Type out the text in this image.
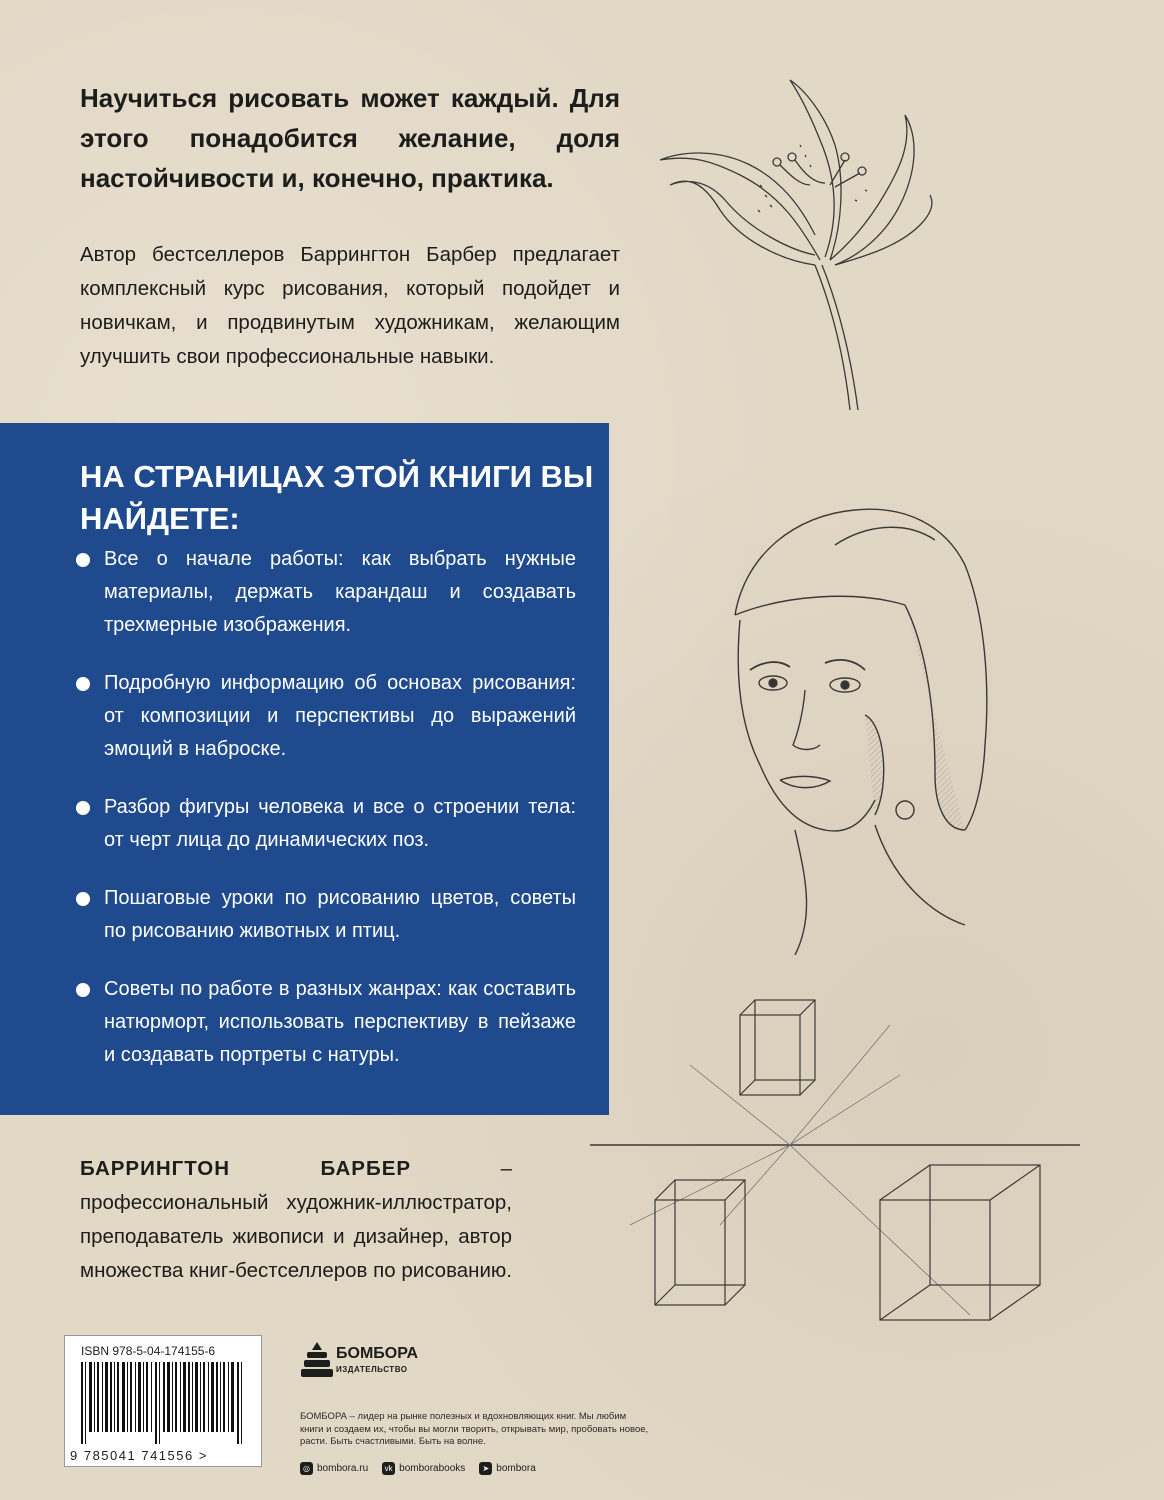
Научиться рисовать может каждый. Для этого понадобится желание, доля настойчивости и, конечно, практика.
Автор бестселлеров Баррингтон Барбер предлагает комплексный курс рисования, который подойдет и новичкам, и продвинутым художникам, желающим улучшить свои профессиональные навыки.
НА СТРАНИЦАХ ЭТОЙ КНИГИ ВЫ НАЙДЕТЕ:
Все о начале работы: как выбрать нужные материалы, держать карандаш и создавать трехмерные изображения.
Подробную информацию об основах рисования: от композиции и перспективы до выражений эмоций в наброске.
Разбор фигуры человека и все о строении тела: от черт лица до динамических поз.
Пошаговые уроки по рисованию цветов, советы по рисованию животных и птиц.
Советы по работе в разных жанрах: как составить натюрморт, использовать перспективу в пейзаже и создавать портреты с натуры.
БАРРИНГТОН БАРБЕР – профессиональный художник-иллюстратор, преподаватель живописи и дизайнер, автор множества книг-бестселлеров по рисованию.
ISBN 978-5-04-174155-6
9 785041 741556 >
БОМБОРА
ИЗДАТЕЛЬСТВО
БОМБОРА – лидер на рынке полезных и вдохновляющих книг. Мы любим книги и создаем их, чтобы вы могли творить, открывать мир, пробовать новое, расти. Быть счастливыми. Быть на волне.
◎ bombora.ru	vk bomborabooks	➤ bombora
